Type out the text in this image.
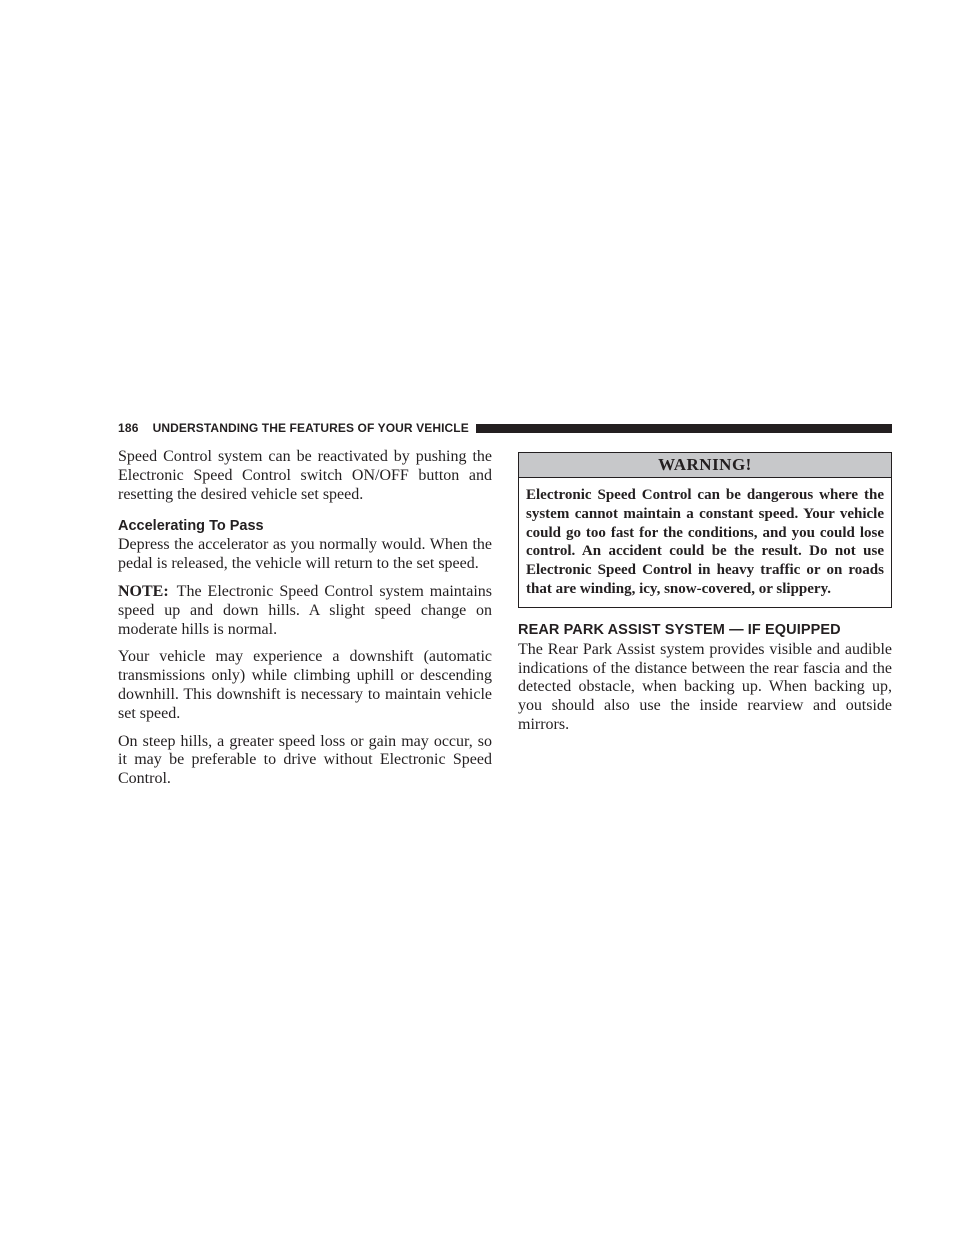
186 UNDERSTANDING THE FEATURES OF YOUR VEHICLE

Speed Control system can be reactivated by pushing the Electronic Speed Control switch ON/OFF button and resetting the desired vehicle set speed.

Accelerating To Pass

Depress the accelerator as you normally would. When the pedal is released, the vehicle will return to the set speed.

NOTE: The Electronic Speed Control system maintains speed up and down hills. A slight speed change on moderate hills is normal.

Your vehicle may experience a downshift (automatic transmissions only) while climbing uphill or descending downhill. This downshift is necessary to maintain vehicle set speed.

On steep hills, a greater speed loss or gain may occur, so it may be preferable to drive without Electronic Speed Control.

WARNING!
Electronic Speed Control can be dangerous where the system cannot maintain a constant speed. Your vehicle could go too fast for the conditions, and you could lose control. An accident could be the result. Do not use Electronic Speed Control in heavy traffic or on roads that are winding, icy, snow-covered, or slippery.
REAR PARK ASSIST SYSTEM — IF EQUIPPED

The Rear Park Assist system provides visible and audible indications of the distance between the rear fascia and the detected obstacle, when backing up. When backing up, you should also use the inside rearview and outside mirrors.
